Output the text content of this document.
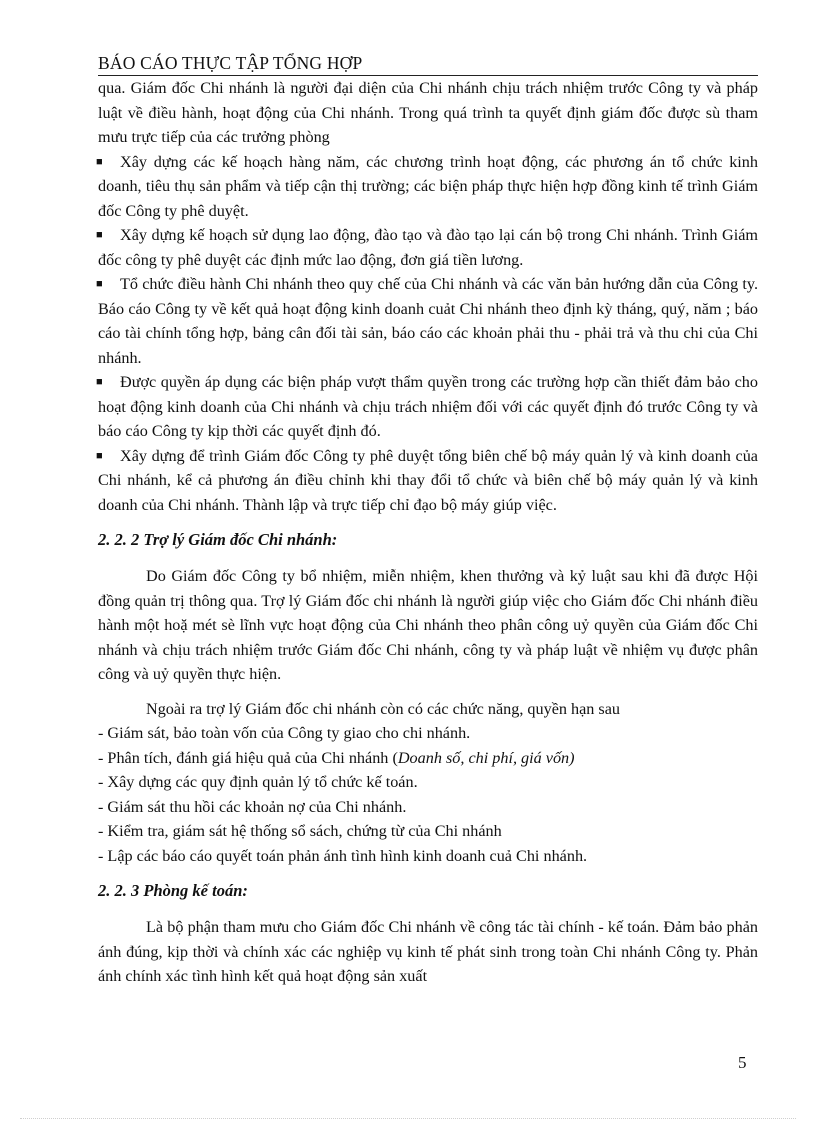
BÁO CÁO THỰC TẬP TỔNG HỢP

qua. Giám đốc Chi nhánh là người đại diện của Chi nhánh chịu trách nhiệm trước Công ty và pháp luật về điều hành, hoạt động của Chi nhánh. Trong quá trình ta quyết định giám đốc được sù tham mưu trực tiếp của các trưởng phòng

■ Xây dựng các kế hoạch hàng năm, các chương trình hoạt động, các phương án tổ chức kinh doanh, tiêu thụ sản phẩm và tiếp cận thị trường; các biện pháp thực hiện hợp đồng kinh tế trình Giám đốc Công ty phê duyệt.

■ Xây dựng kế hoạch sử dụng lao động, đào tạo và đào tạo lại cán bộ trong Chi nhánh. Trình Giám đốc công ty phê duyệt các định mức lao động, đơn giá tiền lương.

■ Tổ chức điều hành Chi nhánh theo quy chế của Chi nhánh và các văn bản hướng dẫn của Công ty. Báo cáo Công ty về kết quả hoạt động kinh doanh cuảt Chi nhánh theo định kỳ tháng, quý, năm ; báo cáo tài chính tổng hợp, bảng cân đối tài sản, báo cáo các khoản phải thu - phải trả và thu chi của Chi nhánh.

■ Được quyền áp dụng các biện pháp vượt thẩm quyền trong các trường hợp cần thiết đảm bảo cho hoạt động kinh doanh của Chi nhánh và chịu trách nhiệm đối với các quyết định đó trước Công ty và báo cáo Công ty kịp thời các quyết định đó.

■ Xây dựng để trình Giám đốc Công ty phê duyệt tổng biên chế bộ máy quản lý và kinh doanh của Chi nhánh, kể cả phương án điều chỉnh khi thay đổi tổ chức và biên chế bộ máy quản lý và kinh doanh của Chi nhánh. Thành lập và trực tiếp chỉ đạo bộ máy giúp việc.

2. 2. 2 Trợ lý Giám đốc Chi nhánh:

Do Giám đốc Công ty bổ nhiệm, miễn nhiệm, khen thưởng và kỷ luật sau khi đã được Hội đồng quản trị thông qua. Trợ lý Giám đốc chi nhánh là người giúp việc cho Giám đốc Chi nhánh điều hành một hoặ mét sè lĩnh vực hoạt động của Chi nhánh theo phân công uỷ quyền của Giám đốc Chi nhánh và chịu trách nhiệm trước Giám đốc Chi nhánh, công ty và pháp luật về nhiệm vụ được phân công và uỷ quyền thực hiện.

Ngoài ra trợ lý Giám đốc chi nhánh còn có các chức năng, quyền hạn sau

- Giám sát, bảo toàn vốn của Công ty giao cho chi nhánh.

- Phân tích, đánh giá hiệu quả của Chi nhánh (Doanh số, chi phí, giá vốn)

- Xây dựng các quy định quản lý tổ chức kế toán.

- Giám sát thu hồi các khoản nợ của Chi nhánh.

- Kiểm tra, giám sát hệ thống sổ sách, chứng từ của Chi nhánh

- Lập các báo cáo quyết toán phản ánh tình hình kinh doanh cuả Chi nhánh.

2. 2. 3 Phòng kế toán:

Là bộ phận tham mưu cho Giám đốc Chi nhánh về công tác tài chính - kế toán. Đảm bảo phản ánh đúng, kịp thời và chính xác các nghiệp vụ kinh tế phát sinh trong toàn Chi nhánh Công ty. Phản ánh chính xác tình hình kết quả hoạt động sản xuất

5
